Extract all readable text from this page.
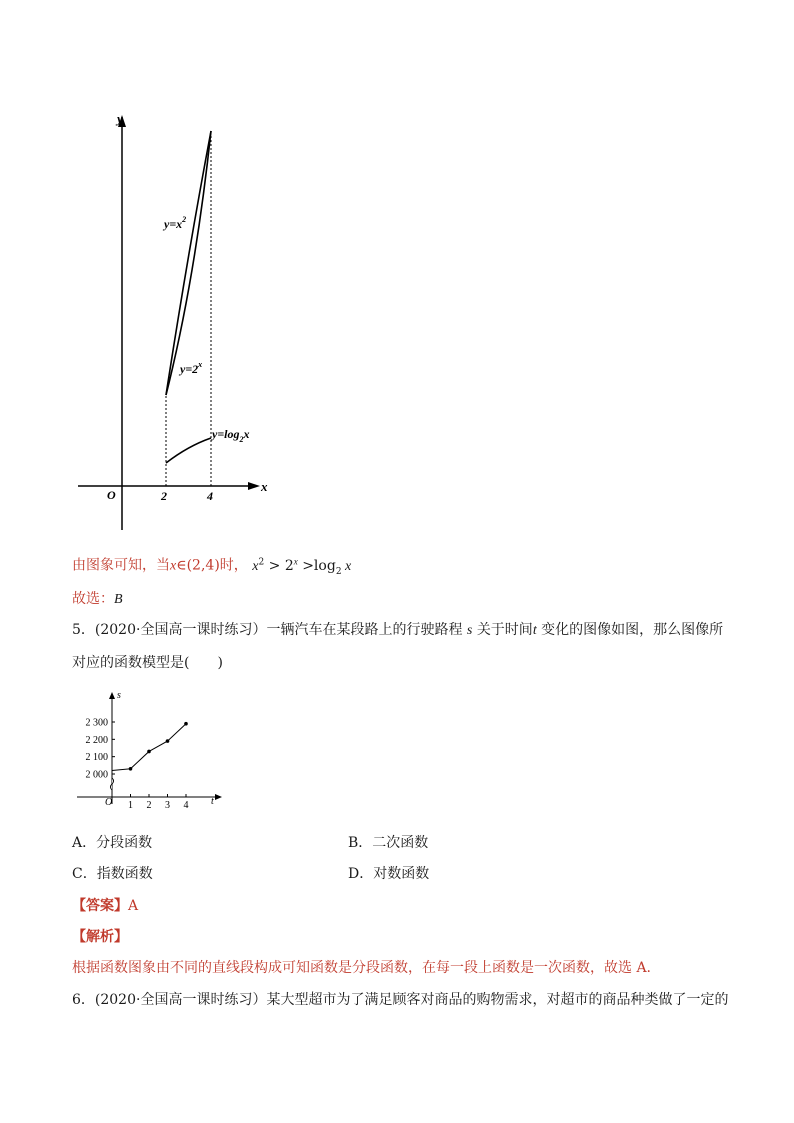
y
x
O	2	4
$y=x^2$
$y=2^x$
$y=\log_2x$
由图象可知，当x∈(2,4)时， $x^2 > 2^x >\log_2$ x
故选：B
5．(2020·全国高一课时练习）一辆汽车在某段路上的行驶路程 s 关于时间t 变化的图像如图，那么图像所
对应的函数模型是(　　)
2 300
2 200
2 100
2 000
1 2 3 4
s
t
O
A．分段函数	B．二次函数
C．指数函数	D．对数函数
【答案】A
【解析】
根据函数图象由不同的直线段构成可知函数是分段函数，在每一段上函数是一次函数，故选 A.
6．(2020·全国高一课时练习）某大型超市为了满足顾客对商品的购物需求，对超市的商品种类做了一定的
